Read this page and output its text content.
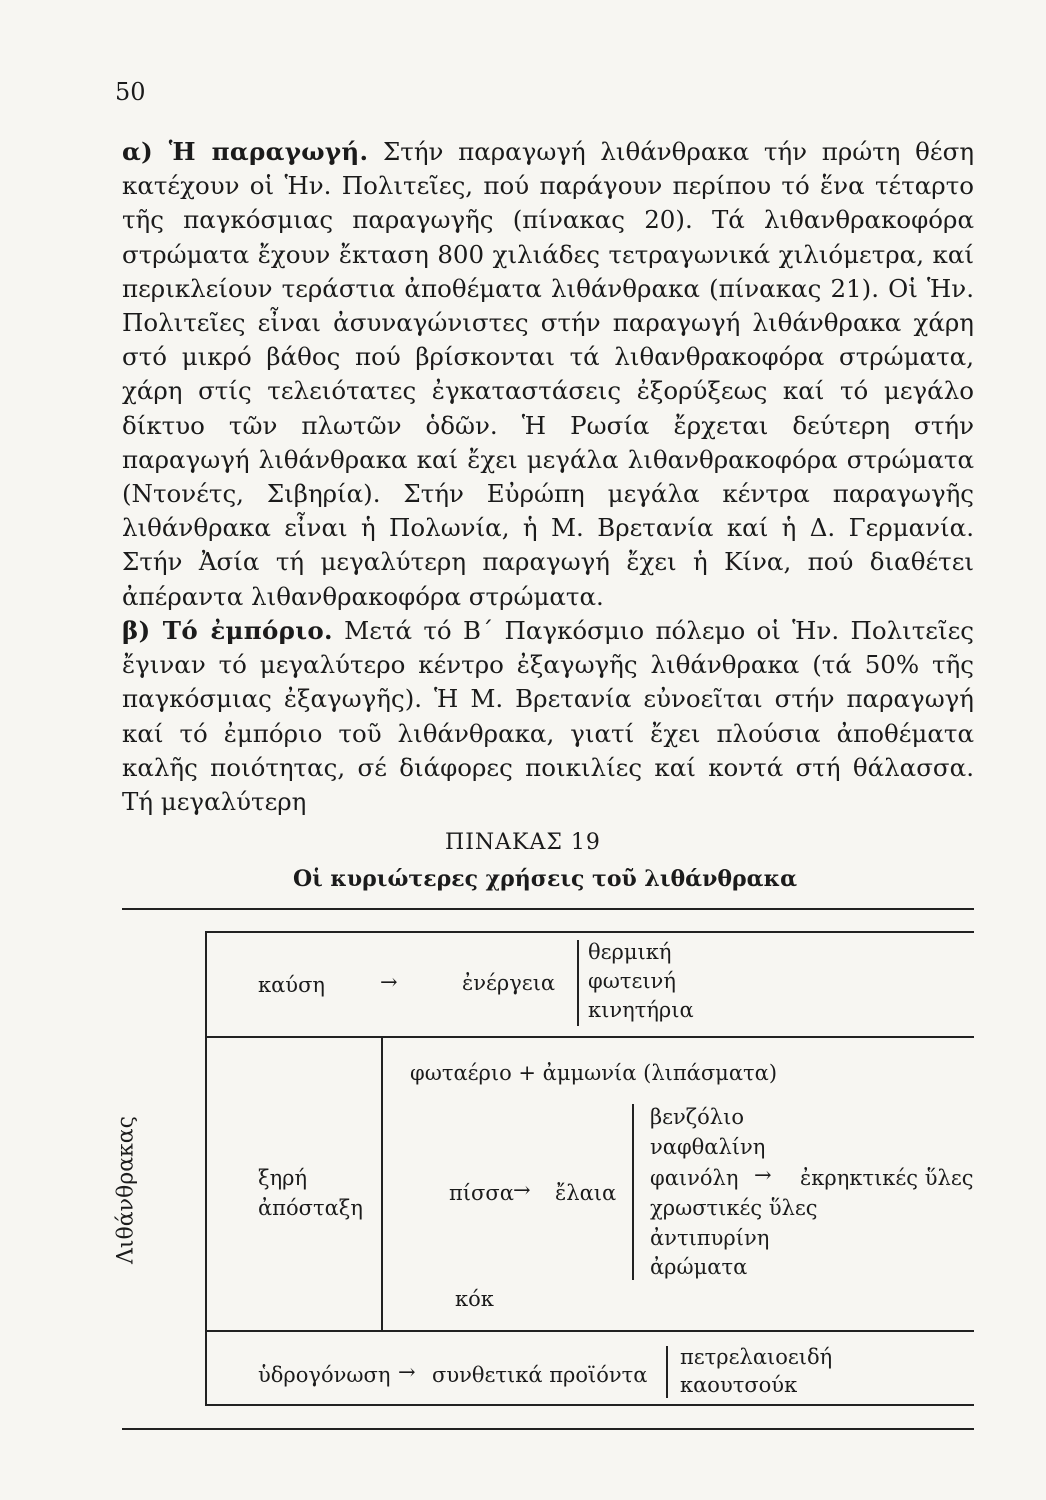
50

α) Ἡ παραγωγή. Στήν παραγωγή λιθάνθρακα τήν πρώτη θέση κατέχουν οἱ Ἡν. Πολιτεῖες, πού παράγουν περίπου τό ἕνα τέταρτο τῆς παγκόσμιας παραγωγῆς (πίνακας 20). Τά λιθανθρακοφόρα στρώματα ἔχουν ἔκταση 800 χιλιάδες τετραγωνικά χιλιόμετρα, καί περικλείουν τεράστια ἀποθέματα λιθάνθρακα (πίνακας 21). Οἱ Ἡν. Πολιτεῖες εἶναι ἀσυναγώνιστες στήν παραγωγή λιθάνθρακα χάρη στό μικρό βάθος πού βρίσκονται τά λιθανθρακοφόρα στρώματα, χάρη στίς τελειότατες ἐγκαταστάσεις ἐξορύξεως καί τό μεγάλο δίκτυο τῶν πλωτῶν ὁδῶν. Ἡ Ρωσία ἔρχεται δεύτερη στήν παραγωγή λιθάνθρακα καί ἔχει μεγάλα λιθανθρακοφόρα στρώματα (Ντονέτς, Σιβηρία). Στήν Εὐρώπη μεγάλα κέντρα παραγωγῆς λιθάνθρακα εἶναι ἡ Πολωνία, ἡ Μ. Βρετανία καί ἡ Δ. Γερμανία. Στήν Ἀσία τή μεγαλύτερη παραγωγή ἔχει ἡ Κίνα, πού διαθέτει ἀπέραντα λιθανθρακοφόρα στρώματα.

β) Τό ἐμπόριο. Μετά τό Β΄ Παγκόσμιο πόλεμο οἱ Ἡν. Πολιτεῖες ἔγιναν τό μεγαλύτερο κέντρο ἐξαγωγῆς λιθάνθρακα (τά 50% τῆς παγκόσμιας ἐξαγωγῆς). Ἡ Μ. Βρετανία εὐνοεῖται στήν παραγωγή καί τό ἐμπόριο τοῦ λιθάνθρακα, γιατί ἔχει πλούσια ἀποθέματα καλῆς ποιότητας, σέ διάφορες ποικιλίες καί κοντά στή θάλασσα. Τή μεγαλύτερη

ΠΙΝΑΚΑΣ 19
Οἱ κυριώτερες χρήσεις τοῦ λιθάνθρακα
Λιθάνθρακας
καύση	→	ἐνέργεια
θερμική
φωτεινή
κινητήρια
ξηρή
ἀπόσταξη
φωταέριο + ἀμμωνία (λιπάσματα)
πίσσα → ἔλαια
βενζόλιο
ναφθαλίνη
φαινόλη → ἐκρηκτικές ὕλες
χρωστικές ὕλες
ἀντιπυρίνη
ἀρώματα
κόκ
ὑδρογόνωση → συνθετικά προϊόντα
πετρελαιοειδή
καουτσούκ
